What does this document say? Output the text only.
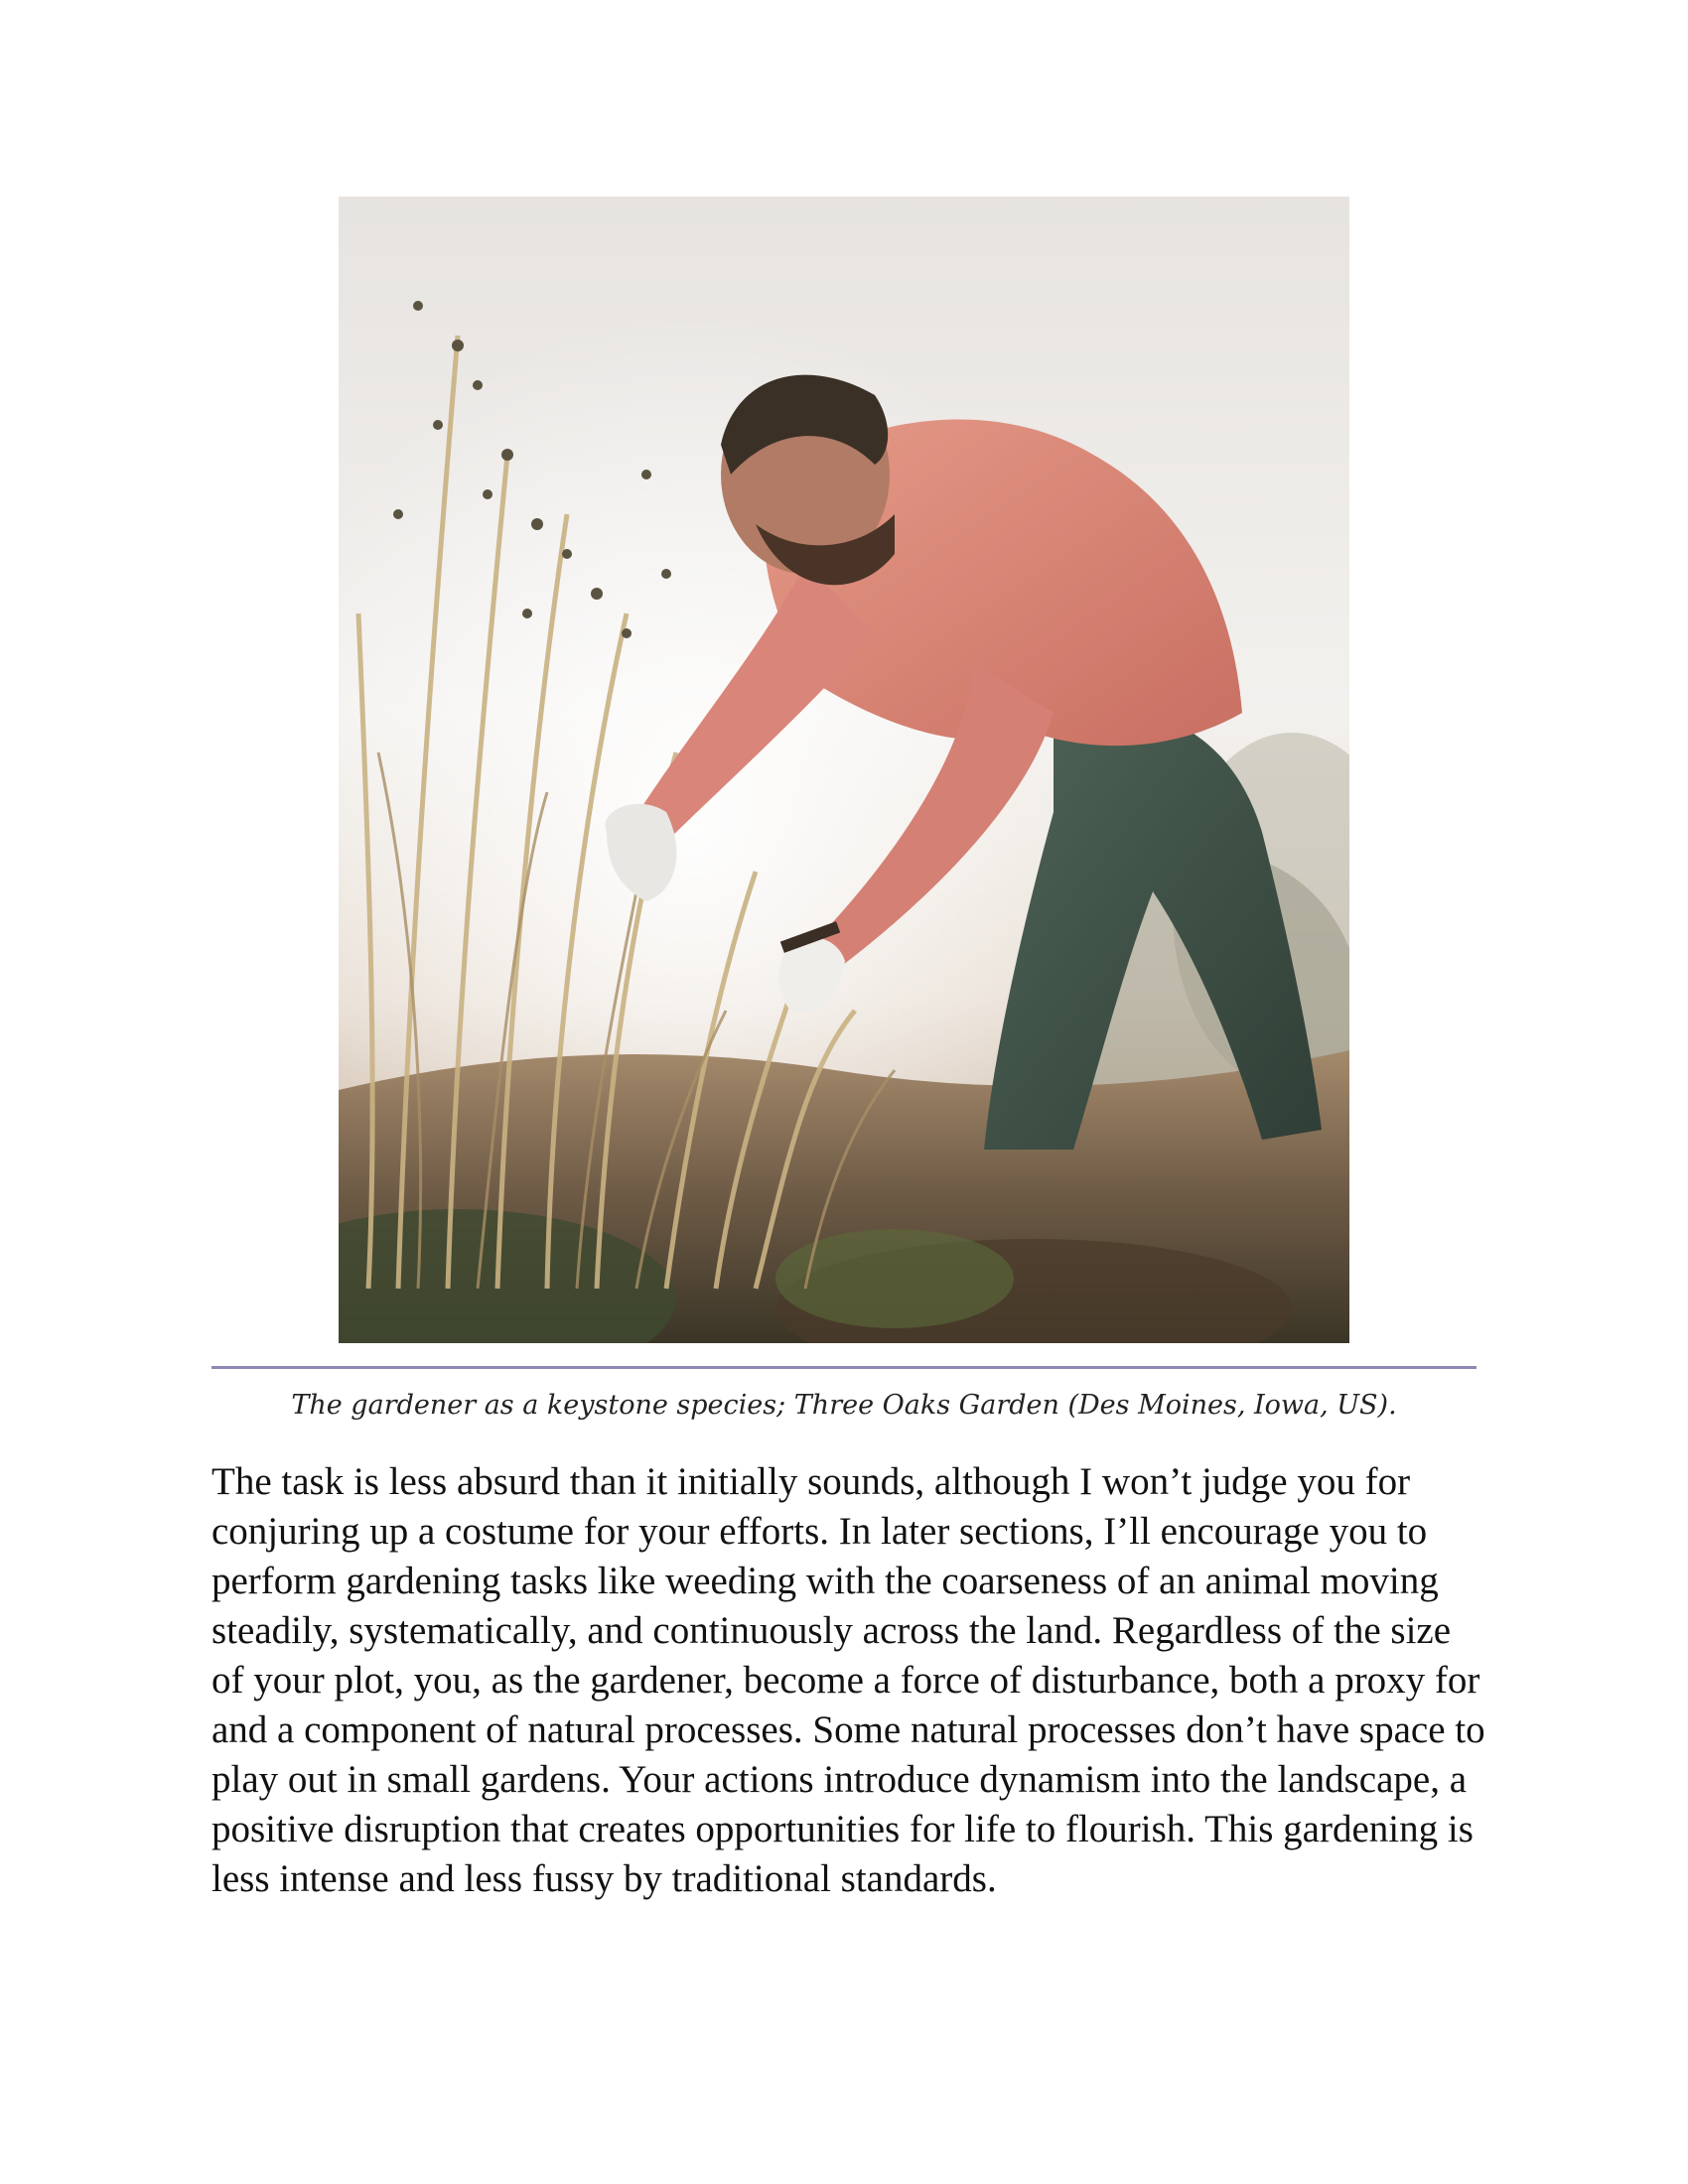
The gardener as a keystone species; Three Oaks Garden (Des Moines, Iowa, US).

The task is less absurd than it initially sounds, although I won’t judge you for conjuring up a costume for your efforts. In later sections, I’ll encourage you to perform gardening tasks like weeding with the coarseness of an animal moving steadily, systematically, and continuously across the land. Regardless of the size of your plot, you, as the gardener, become a force of disturbance, both a proxy for and a component of natural processes. Some natural processes don’t have space to play out in small gardens. Your actions introduce dynamism into the landscape, a positive disruption that creates opportunities for life to flourish. This gardening is less intense and less fussy by traditional standards.
